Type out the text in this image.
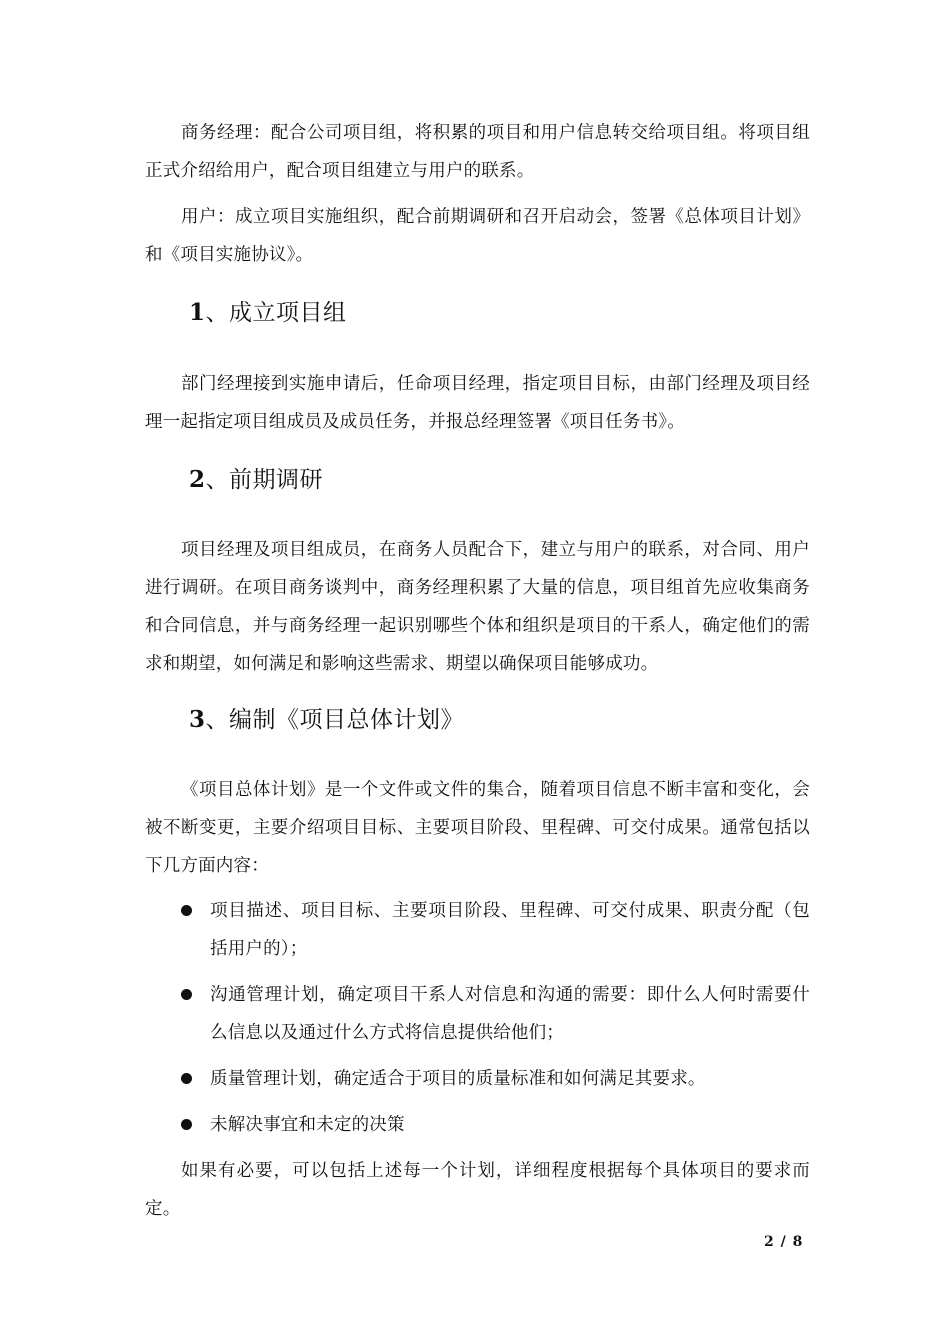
商务经理：配合公司项目组，将积累的项目和用户信息转交给项目组。将项目组正式介绍给用户，配合项目组建立与用户的联系。

用户：成立项目实施组织，配合前期调研和召开启动会，签署《总体项目计划》和《项目实施协议》。

1、成立项目组

部门经理接到实施申请后，任命项目经理，指定项目目标，由部门经理及项目经理一起指定项目组成员及成员任务，并报总经理签署《项目任务书》。

2、前期调研

项目经理及项目组成员，在商务人员配合下，建立与用户的联系，对合同、用户进行调研。在项目商务谈判中，商务经理积累了大量的信息，项目组首先应收集商务和合同信息，并与商务经理一起识别哪些个体和组织是项目的干系人，确定他们的需求和期望，如何满足和影响这些需求、期望以确保项目能够成功。

3、编制《项目总体计划》

《项目总体计划》是一个文件或文件的集合，随着项目信息不断丰富和变化，会被不断变更，主要介绍项目目标、主要项目阶段、里程碑、可交付成果。通常包括以下几方面内容：

项目描述、项目目标、主要项目阶段、里程碑、可交付成果、职责分配（包括用户的）；

沟通管理计划，确定项目干系人对信息和沟通的需要：即什么人何时需要什么信息以及通过什么方式将信息提供给他们；

质量管理计划，确定适合于项目的质量标准和如何满足其要求。

未解决事宜和未定的决策

如果有必要，可以包括上述每一个计划，详细程度根据每个具体项目的要求而定。

2 / 8
